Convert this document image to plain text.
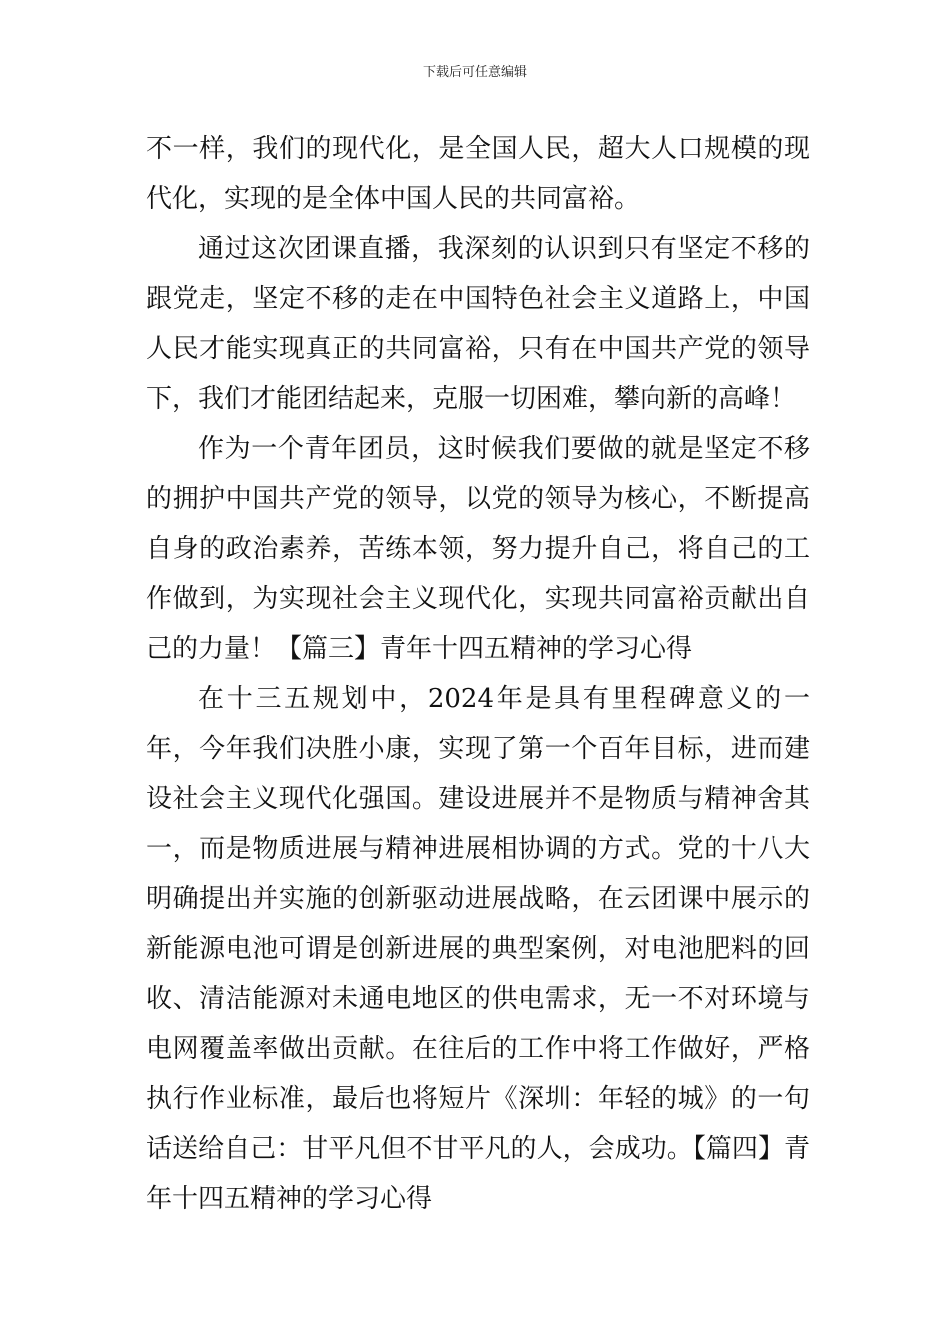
下载后可任意编辑

不一样，我们的现代化，是全国人民，超大人口规模的现代化，实现的是全体中国人民的共同富裕。

通过这次团课直播，我深刻的认识到只有坚定不移的跟党走，坚定不移的走在中国特色社会主义道路上，中国人民才能实现真正的共同富裕，只有在中国共产党的领导下，我们才能团结起来，克服一切困难，攀向新的高峰！

作为一个青年团员，这时候我们要做的就是坚定不移的拥护中国共产党的领导，以党的领导为核心，不断提高自身的政治素养，苦练本领，努力提升自己，将自己的工作做到，为实现社会主义现代化，实现共同富裕贡献出自己的力量！【篇三】青年十四五精神的学习心得

在十三五规划中，2024年是具有里程碑意义的一年，今年我们决胜小康，实现了第一个百年目标，进而建设社会主义现代化强国。建设进展并不是物质与精神舍其一，而是物质进展与精神进展相协调的方式。党的十八大明确提出并实施的创新驱动进展战略，在云团课中展示的新能源电池可谓是创新进展的典型案例，对电池肥料的回收、清洁能源对未通电地区的供电需求，无一不对环境与电网覆盖率做出贡献。在往后的工作中将工作做好，严格执行作业标准，最后也将短片《深圳：年轻的城》的一句话送给自己：甘平凡但不甘平凡的人，会成功。【篇四】青年十四五精神的学习心得
